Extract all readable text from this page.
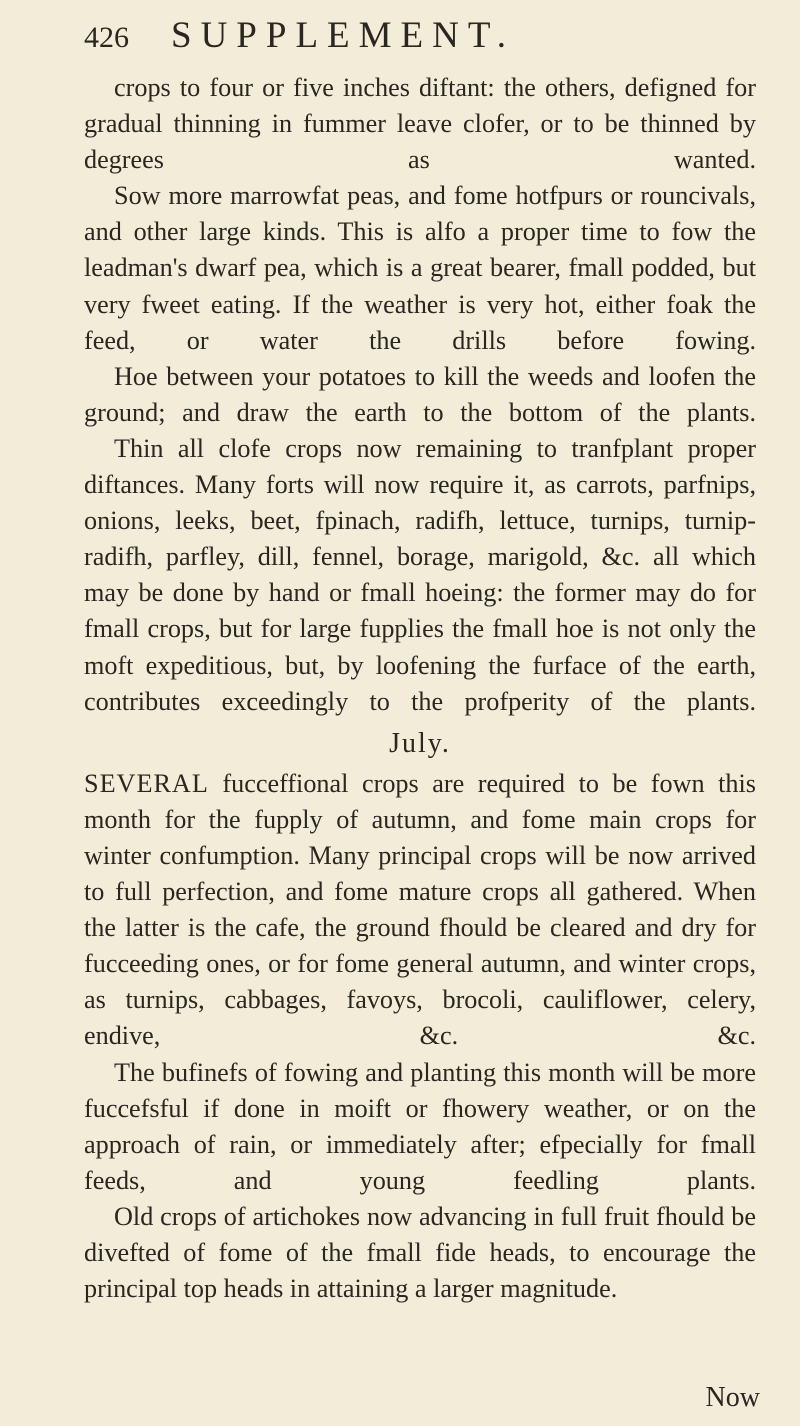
426 SUPPLEMENT.

crops to four or five inches diftant: the others, defigned for gradual thinning in fummer leave clofer, or to be thinned by degrees as wanted.

Sow more marrowfat peas, and fome hotfpurs or rouncivals, and other large kinds. This is alfo a proper time to fow the leadman's dwarf pea, which is a great bearer, fmall podded, but very fweet eating. If the weather is very hot, either foak the feed, or water the drills before fowing.

Hoe between your potatoes to kill the weeds and loofen the ground; and draw the earth to the bottom of the plants.

Thin all clofe crops now remaining to tranfplant proper diftances. Many forts will now require it, as carrots, parfnips, onions, leeks, beet, fpinach, radifh, lettuce, turnips, turnip-radifh, parfley, dill, fennel, borage, marigold, &c. all which may be done by hand or fmall hoeing: the former may do for fmall crops, but for large fupplies the fmall hoe is not only the moft expeditious, but, by loofening the furface of the earth, contributes exceedingly to the profperity of the plants.

July.

SEVERAL fucceffional crops are required to be fown this month for the fupply of autumn, and fome main crops for winter confumption. Many principal crops will be now arrived to full perfection, and fome mature crops all gathered. When the latter is the cafe, the ground fhould be cleared and dry for fucceeding ones, or for fome general autumn, and winter crops, as turnips, cabbages, favoys, brocoli, cauliflower, celery, endive, &c. &c.

The bufinefs of fowing and planting this month will be more fuccefsful if done in moift or fhowery weather, or on the approach of rain, or immediately after; efpecially for fmall feeds, and young feedling plants.

Old crops of artichokes now advancing in full fruit fhould be divefted of fome of the fmall fide heads, to encourage the principal top heads in attaining a larger magnitude.

Now
